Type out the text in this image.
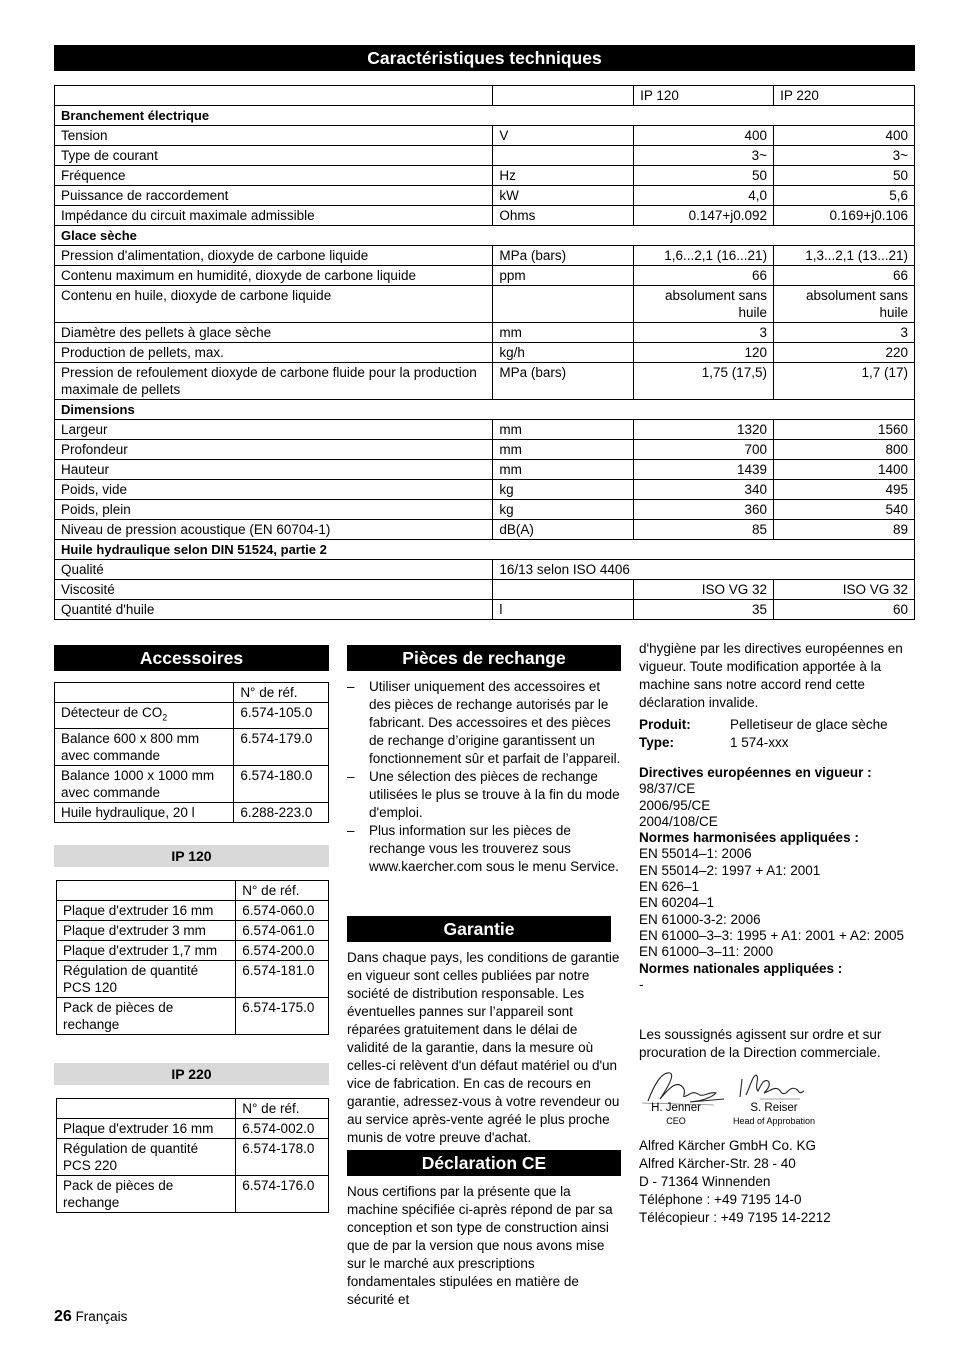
Caractéristiques techniques
		IP 120	IP 220
Branchement électrique			
Tension	V	400	400
Type de courant		3~	3~
Fréquence	Hz	50	50
Puissance de raccordement	kW	4,0	5,6
Impédance du circuit maximale admissible	Ohms	0.147+j0.092	0.169+j0.106
Glace sèche			
Pression d'alimentation, dioxyde de carbone liquide	MPa (bars)	1,6...2,1 (16...21)	1,3...2,1 (13...21)
Contenu maximum en humidité, dioxyde de carbone liquide	ppm	66	66
Contenu en huile, dioxyde de carbone liquide		absolument sans huile	absolument sans huile
Diamètre des pellets à glace sèche	mm	3	3
Production de pellets, max.	kg/h	120	220
Pression de refoulement dioxyde de carbone fluide pour la production maximale de pellets	MPa (bars)	1,75 (17,5)	1,7 (17)
Dimensions			
Largeur	mm	1320	1560
Profondeur	mm	700	800
Hauteur	mm	1439	1400
Poids, vide	kg	340	495
Poids, plein	kg	360	540
Niveau de pression acoustique (EN 60704-1)	dB(A)	85	89
Huile hydraulique selon DIN 51524, partie 2			
Qualité	16/13 selon ISO 4406		
Viscosité		ISO VG 32	ISO VG 32
Quantité d'huile	l	35	60
Accessoires
	N° de réf.
Détecteur de $CO_2$	6.574-105.0
Balance 600 x 800 mm avec commande	6.574-179.0
Balance 1000 x 1000 mm avec commande	6.574-180.0
Huile hydraulique, 20 l	6.288-223.0
IP 120
	N° de réf.
Plaque d'extruder 16 mm	6.574-060.0
Plaque d'extruder 3 mm	6.574-061.0
Plaque d'extruder 1,7 mm	6.574-200.0
Régulation de quantité PCS 120	6.574-181.0
Pack de pièces de rechange	6.574-175.0
IP 220
	N° de réf.
Plaque d'extruder 16 mm	6.574-002.0
Régulation de quantité PCS 220	6.574-178.0
Pack de pièces de rechange	6.574-176.0
Pièces de rechange
– Utiliser uniquement des accessoires et des pièces de rechange autorisés par le fabricant. Des accessoires et des pièces de rechange d’origine garantissent un fonctionnement sûr et parfait de l’appareil.
– Une sélection des pièces de rechange utilisées le plus se trouve à la fin du mode d'emploi.
– Plus information sur les pièces de rechange vous les trouverez sous www.kaercher.com sous le menu Service.
Garantie
Dans chaque pays, les conditions de garantie en vigueur sont celles publiées par notre société de distribution responsable. Les éventuelles pannes sur l’appareil sont réparées gratuitement dans le délai de validité de la garantie, dans la mesure où celles-ci relèvent d'un défaut matériel ou d'un vice de fabrication. En cas de recours en garantie, adressez-vous à votre revendeur ou au service après-vente agréé le plus proche munis de votre preuve d'achat.
Déclaration CE
Nous certifions par la présente que la machine spécifiée ci-après répond de par sa conception et son type de construction ainsi que de par la version que nous avons mise sur le marché aux prescriptions fondamentales stipulées en matière de sécurité et
d'hygiène par les directives européennes en vigueur. Toute modification apportée à la machine sans notre accord rend cette déclaration invalide.
Produit:	Pelletiseur de glace sèche
Type:	1 574-xxx
Directives européennes en vigueur :
98/37/CE
2006/95/CE
2004/108/CE
Normes harmonisées appliquées :
EN 55014–1: 2006
EN 55014–2: 1997 + A1: 2001
EN 626–1
EN 60204–1
EN 61000-3-2: 2006
EN 61000–3–3: 1995 + A1: 2001 + A2: 2005
EN 61000–3–11: 2000
Normes nationales appliquées :
-
Les soussignés agissent sur ordre et sur procuration de la Direction commerciale.
H. Jenner
CEO
S. Reiser
Head of Approbation
Alfred Kärcher GmbH Co. KG
Alfred Kärcher-Str. 28 - 40
D - 71364 Winnenden
Téléphone : +49 7195 14-0
Télécopieur : +49 7195 14-2212
26 Français
